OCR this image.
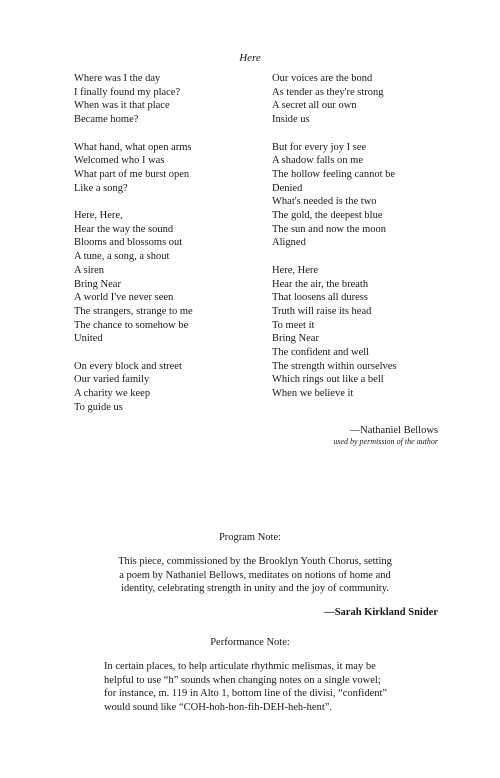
Here
Where was I the day
I finally found my place?
When was it that place
Became home?
What hand, what open arms
Welcomed who I was
What part of me burst open
Like a song?
Here, Here,
Hear the way the sound
Blooms and blossoms out
A tune, a song, a shout
A siren
Bring Near
A world I've never seen
The strangers, strange to me
The chance to somehow be
United
On every block and street
Our varied family
A charity we keep
To guide us
Our voices are the bond
As tender as they're strong
A secret all our own
Inside us
But for every joy I see
A shadow falls on me
The hollow feeling cannot be
Denied
What's needed is the two
The gold, the deepest blue
The sun and now the moon
Aligned
Here, Here
Hear the air, the breath
That loosens all duress
Truth will raise its head
To meet it
Bring Near
The confident and well
The strength within ourselves
Which rings out like a bell
When we believe it
—Nathaniel Bellows
used by permission of the author
Program Note:
This piece, commissioned by the Brooklyn Youth Chorus, setting
a poem by Nathaniel Bellows, meditates on notions of home and
identity, celebrating strength in unity and the joy of community.
—Sarah Kirkland Snider
Performance Note:
In certain places, to help articulate rhythmic melismas, it may be
helpful to use “h” sounds when changing notes on a single vowel;
for instance, m. 119 in Alto 1, bottom line of the divisi, “confident”
would sound like “COH-hoh-hon-fih-DEH-heh-hent”.
